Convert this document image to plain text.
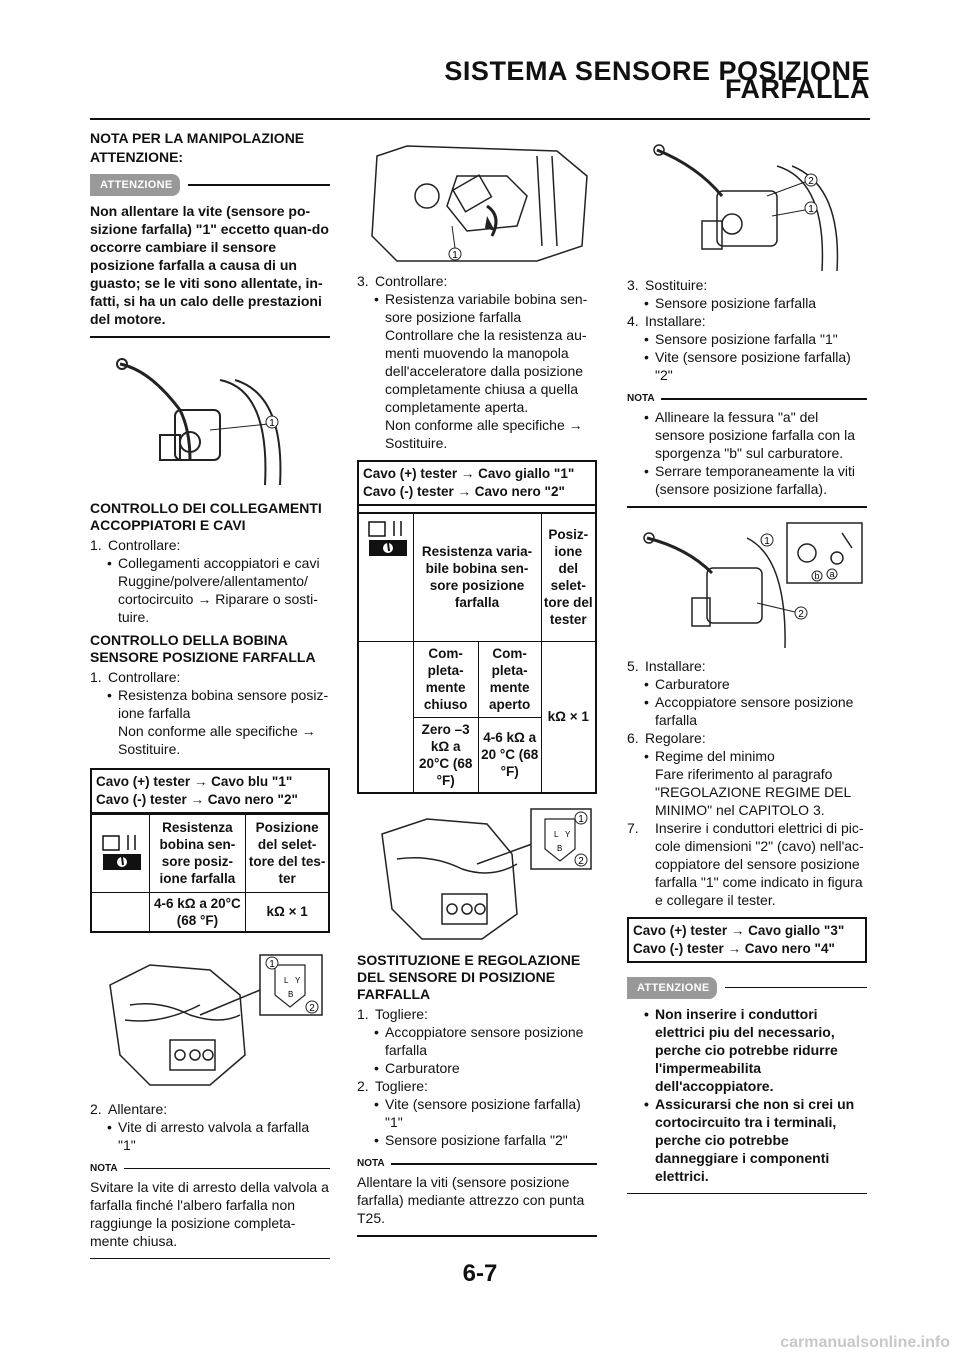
SISTEMA SENSORE POSIZIONE FARFALLA
NOTA PER LA MANIPOLAZIONE
ATTENZIONE:
ATTENZIONE
Non allentare la vite (sensore po-sizione farfalla) "1" eccetto quan-do occorre cambiare il sensore posizione farfalla a causa di un guasto; se le viti sono allentate, in-fatti, si ha un calo delle prestazioni del motore.
1
CONTROLLO DEI COLLEGAMENTI ACCOPPIATORI E CAVI
1. Controllare:
• Collegamenti accoppiatori e cavi
Ruggine/polvere/allentamento/
cortocircuito → Riparare o sosti-tuire.
CONTROLLO DELLA BOBINA SENSORE POSIZIONE FARFALLA
1. Controllare:
• Resistenza bobina sensore posiz-ione farfalla
Non conforme alle specifiche → Sostituire.
Cavo (+) tester → Cavo blu "1"
Cavo (-) tester → Cavo nero "2"
	Resistenza bobina sen-sore posiz-ione farfalla	Posizione del selet-tore del tes-ter
	4-6 kΩ a 20°C (68 °F)	kΩ × 1
L Y
B
1
2
2. Allentare:
• Vite di arresto valvola a farfalla "1"
NOTA
Svitare la vite di arresto della valvola a farfalla finché l'albero farfalla non raggiunge la posizione completa-mente chiusa.
1
3. Controllare:
• Resistenza variabile bobina sen-sore posizione farfalla
Controllare che la resistenza au-menti muovendo la manopola dell'acceleratore dalla posizione completamente chiusa a quella completamente aperta.
Non conforme alle specifiche → Sostituire.
Cavo (+) tester → Cavo giallo "1"
Cavo (-) tester → Cavo nero "2"
	Resistenza varia-bile bobina sen-sore posizione farfalla		Posiz-ione del selet-tore del tester
	Com-pleta-mente chiuso	Com-pleta-mente aperto	kΩ × 1
	Zero –3 kΩ a 20°C (68 °F)	4-6 kΩ a 20 °C (68 °F)	
L Y
B
1
2
SOSTITUZIONE E REGOLAZIONE DEL SENSORE DI POSIZIONE FARFALLA
1. Togliere:
• Accoppiatore sensore posizione farfalla
• Carburatore
2. Togliere:
• Vite (sensore posizione farfalla) "1"
• Sensore posizione farfalla "2"
NOTA
Allentare la viti (sensore posizione farfalla) mediante attrezzo con punta T25.
2
1
3. Sostituire:
• Sensore posizione farfalla
4. Installare:
• Sensore posizione farfalla "1"
• Vite (sensore posizione farfalla) "2"
NOTA
• Allineare la fessura "a" del sensore posizione farfalla con la sporgenza "b" sul carburatore.
• Serrare temporaneamente la viti (sensore posizione farfalla).
1
b a
2
5. Installare:
• Carburatore
• Accoppiatore sensore posizione farfalla
6. Regolare:
• Regime del minimo
Fare riferimento al paragrafo "REGOLAZIONE REGIME DEL MINIMO" nel CAPITOLO 3.
7.	Inserire i conduttori elettrici di pic-cole dimensioni "2" (cavo) nell'ac-coppiatore del sensore posizione farfalla "1" come indicato in figura e collegare il tester.
Cavo (+) tester → Cavo giallo "3"
Cavo (-) tester → Cavo nero "4"
ATTENZIONE
• Non inserire i conduttori elettrici piu del necessario, perche cio potrebbe ridurre l'impermeabilita dell'accoppiatore.
• Assicurarsi che non si crei un cortocircuito tra i terminali, perche cio potrebbe danneggiare i componenti elettrici.
6-7
carmanualsonline.info
